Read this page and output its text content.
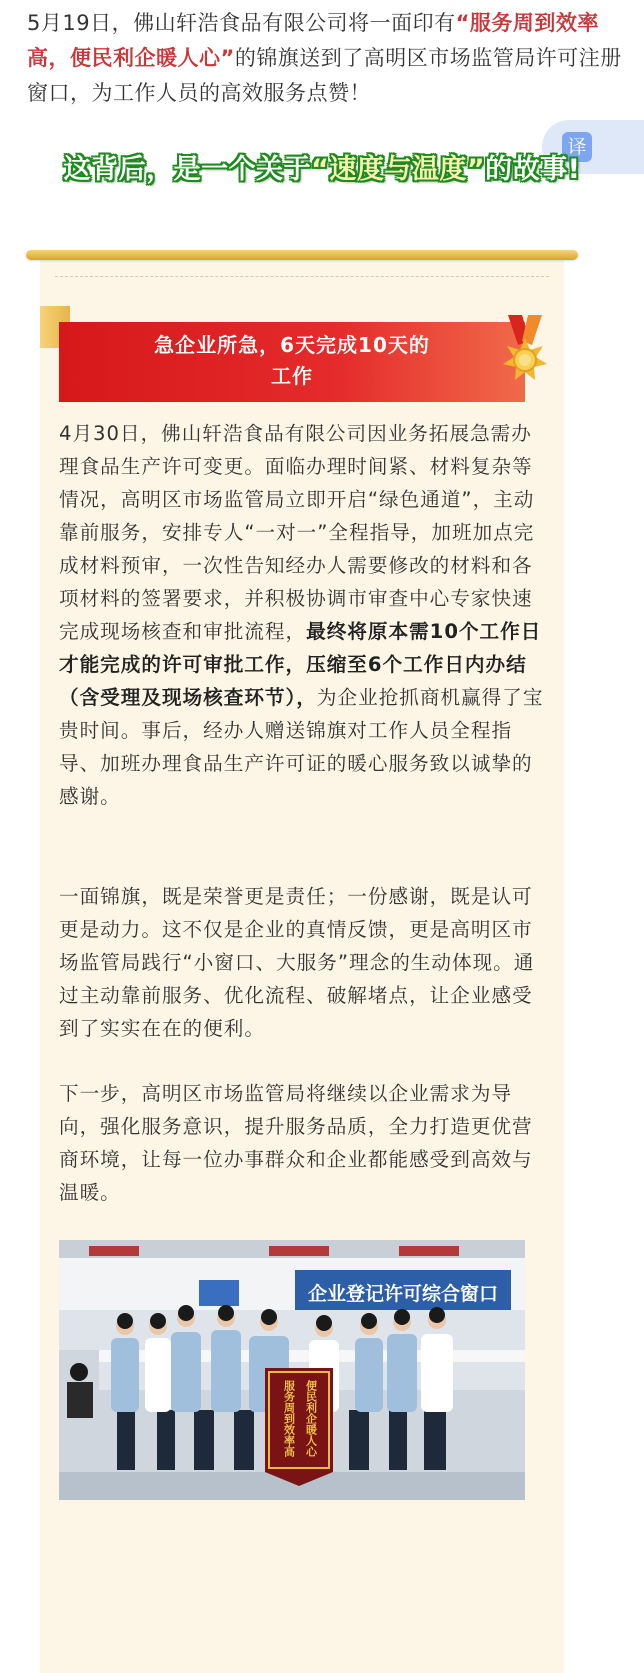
5月19日，佛山轩浩食品有限公司将一面印有“服务周到效率高，便民利企暖人心”的锦旗送到了高明区市场监管局许可注册窗口，为工作人员的高效服务点赞！

译
这背后，是一个关于“速度与温度”的故事!
急企业所急，6天完成10天的
工作

4月30日，佛山轩浩食品有限公司因业务拓展急需办理食品生产许可变更。面临办理时间紧、材料复杂等情况，高明区市场监管局立即开启“绿色通道”，主动靠前服务，安排专人“一对一”全程指导，加班加点完成材料预审，一次性告知经办人需要修改的材料和各项材料的签署要求，并积极协调市审查中心专家快速完成现场核查和审批流程，最终将原本需10个工作日才能完成的许可审批工作，压缩至6个工作日内办结（含受理及现场核查环节），为企业抢抓商机赢得了宝贵时间。事后，经办人赠送锦旗对工作人员全程指导、加班办理食品生产许可证的暖心服务致以诚挚的感谢。

一面锦旗，既是荣誉更是责任；一份感谢，既是认可更是动力。这不仅是企业的真情反馈，更是高明区市场监管局践行“小窗口、大服务”理念的生动体现。通过主动靠前服务、优化流程、破解堵点，让企业感受到了实实在在的便利。

下一步，高明区市场监管局将继续以企业需求为导向，强化服务意识，提升服务品质，全力打造更优营商环境，让每一位办事群众和企业都能感受到高效与温暖。

企业登记许可综合窗口
服务周到效率高 便民利企暖人心
